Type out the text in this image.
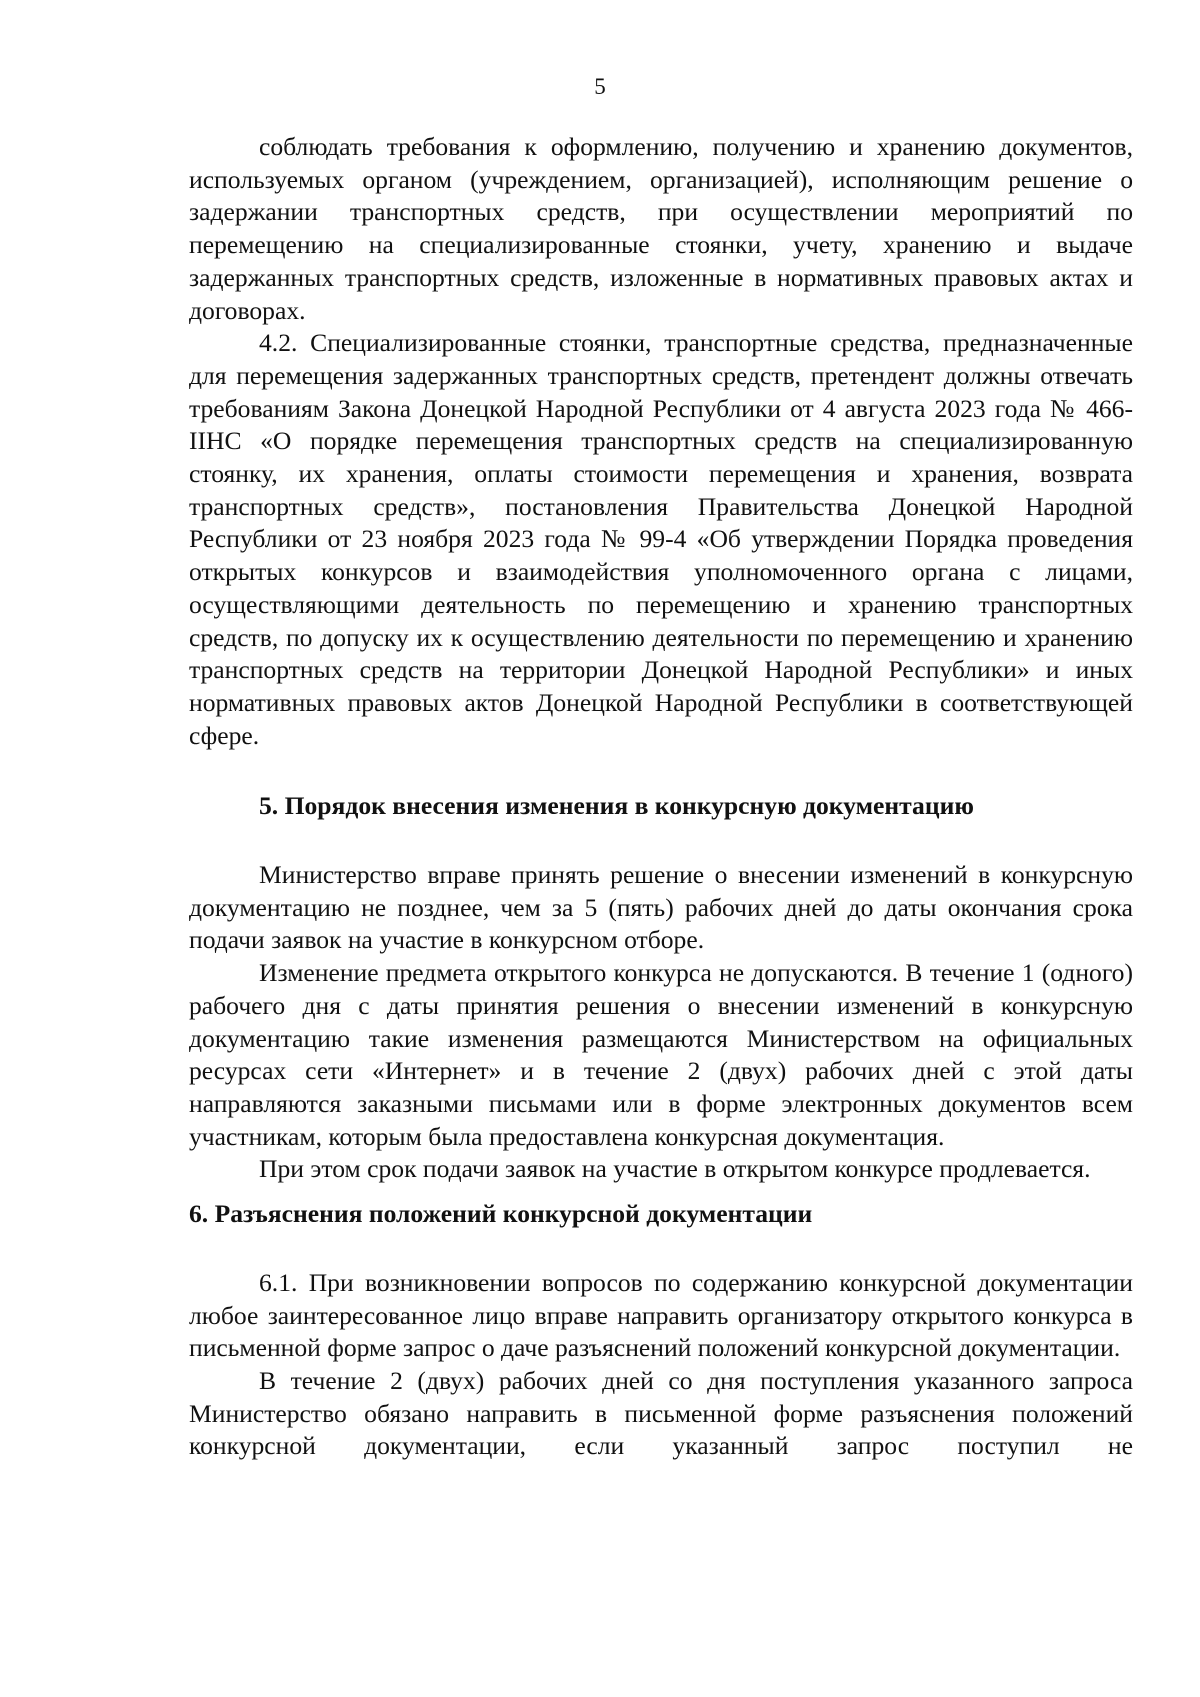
5

соблюдать требования к оформлению, получению и хранению документов, используемых органом (учреждением, организацией), исполняющим решение о задержании транспортных средств, при осуществлении мероприятий по перемещению на специализированные стоянки, учету, хранению и выдаче задержанных транспортных средств, изложенные в нормативных правовых актах и договорах.

4.2. Специализированные стоянки, транспортные средства, предназначенные для перемещения задержанных транспортных средств, претендент должны отвечать требованиям Закона Донецкой Народной Республики от 4 августа 2023 года № 466-IIНС «О порядке перемещения транспортных средств на специализированную стоянку, их хранения, оплаты стоимости перемещения и хранения, возврата транспортных средств», постановления Правительства Донецкой Народной Республики от 23 ноября 2023 года № 99-4 «Об утверждении Порядка проведения открытых конкурсов и взаимодействия уполномоченного органа с лицами, осуществляющими деятельность по перемещению и хранению транспортных средств, по допуску их к осуществлению деятельности по перемещению и хранению транспортных средств на территории Донецкой Народной Республики» и иных нормативных правовых актов Донецкой Народной Республики в соответствующей сфере.

5. Порядок внесения изменения в конкурсную документацию

Министерство вправе принять решение о внесении изменений в конкурсную документацию не позднее, чем за 5 (пять) рабочих дней до даты окончания срока подачи заявок на участие в конкурсном отборе.

Изменение предмета открытого конкурса не допускаются. В течение 1 (одного) рабочего дня с даты принятия решения о внесении изменений в конкурсную документацию такие изменения размещаются Министерством на официальных ресурсах сети «Интернет» и в течение 2 (двух) рабочих дней с этой даты направляются заказными письмами или в форме электронных документов всем участникам, которым была предоставлена конкурсная документация.

При этом срок подачи заявок на участие в открытом конкурсе продлевается.

6. Разъяснения положений конкурсной документации

6.1. При возникновении вопросов по содержанию конкурсной документации любое заинтересованное лицо вправе направить организатору открытого конкурса в письменной форме запрос о даче разъяснений положений конкурсной документации.

В течение 2 (двух) рабочих дней со дня поступления указанного запроса Министерство обязано направить в письменной форме разъяснения положений конкурсной документации, если указанный запрос поступил не
